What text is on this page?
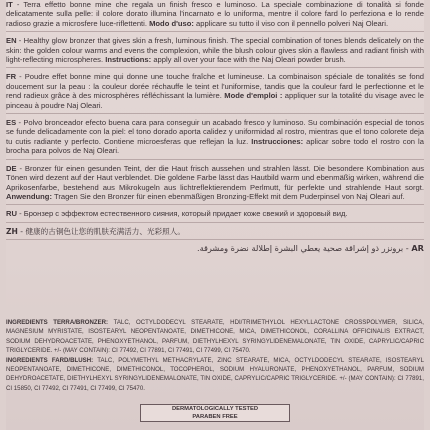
IT - Terra effetto bonne mine che regala un finish fresco e luminoso. La speciale combinazione di tonalità si fonde delicatamente sulla pelle: il colore dorato illumina l'incarnato e lo uniforma, mentre il colore fard lo perfeziona e lo rende radioso grazie a microsfere luce-riflettenti. Modo d'uso: applicare su tutto il viso con il pennello polveri Naj Oleari.
EN - Healthy glow bronzer that gives skin a fresh, luminous finish. The special combination of tones blends delicately on the skin: the golden colour warms and evens the complexion, while the blush colour gives skin a flawless and radiant finish with light-reflecting microspheres. Instructions: apply all over your face with the Naj Oleari powder brush.
FR - Poudre effet bonne mine qui donne une touche fraîche et lumineuse. La combinaison spéciale de tonalités se fond doucement sur la peau : la couleur dorée réchauffe le teint et l'uniformise, tandis que la couleur fard le perfectionne et le rend radieux grâce à des microsphères réfléchissant la lumière. Mode d'emploi : appliquer sur la totalité du visage avec le pinceau à poudre Naj Oleari.
ES - Polvo bronceador efecto buena cara para conseguir un acabado fresco y luminoso. Su combinación especial de tonos se funde delicadamente con la piel: el tono dorado aporta calidez y uniformidad al rostro, mientras que el tono colorete deja tu cutis radiante y perfecto. Contiene microesferas que reflejan la luz. Instrucciones: aplicar sobre todo el rostro con la brocha para polvos de Naj Oleari.
DE - Bronzer für einen gesunden Teint, der die Haut frisch aussehen und strahlen lässt. Die besondere Kombination aus Tönen wird dezent auf der Haut verblendet. Die goldene Farbe lässt das Hautbild warm und ebenmäßig wirken, während die Aprikosenfarbe, bestehend aus Mikrokugeln aus lichtreflektierendem Perlmutt, für perfekte und strahlende Haut sorgt. Anwendung: Tragen Sie den Bronzer für einen ebenmäßigen Bronzing-Effekt mit dem Puderpinsel von Naj Oleari auf.
RU - Бронзер с эффектом естественного сияния, который придает коже свежий и здоровый вид.
ZH - 健康的古铜色让您的肌肤充满活力、光彩照人。
AR - برونزر ذو إشراقة صحية يعطي البشرة إطلالة نضرة ومشرقة.
INGREDIENTS TERRA/BRONZER: TALC, OCTYLDODECYL STEARATE, HDI/TRIMETHYLOL HEXYLLACTONE CROSSPOLYMER, SILICA, MAGNESIUM MYRISTATE, ISOSTEARYL NEOPENTANOATE, DIMETHICONE, MICA, DIMETHICONOL, CORALLINA OFFICINALIS EXTRACT, SODIUM DEHYDROACETATE, PHENOXYETHANOL, PARFUM, DIETHYLHEXYL SYRINGYLIDENEMALONATE, TIN OXIDE, CAPRYLIC/CAPRIC TRIGLYCERIDE. +/- (MAY CONTAIN): CI 77492, CI 77891, CI 77491, CI 77499, CI 75470.
INGREDIENTS FARD/BLUSH: TALC, POLYMETHYL METHACRYLATE, ZINC STEARATE, MICA, OCTYLDODECYL STEARATE, ISOSTEARYL NEOPENTANOATE, DIMETHICONE, DIMETHICONOL, TOCOPHEROL, SODIUM HYALURONATE, PHENOXYETHANOL, PARFUM, SODIUM DEHYDROACETATE, DIETHYLHEXYL SYRINGYLIDENEMALONATE, TIN OXIDE, CAPRYLIC/CAPRIC TRIGLYCERIDE. +/- (MAY CONTAIN): CI 77891, CI 15850, CI 77492, CI 77491, CI 77499, CI 75470.
DERMATOLOGICALLY TESTED
PARABEN FREE
